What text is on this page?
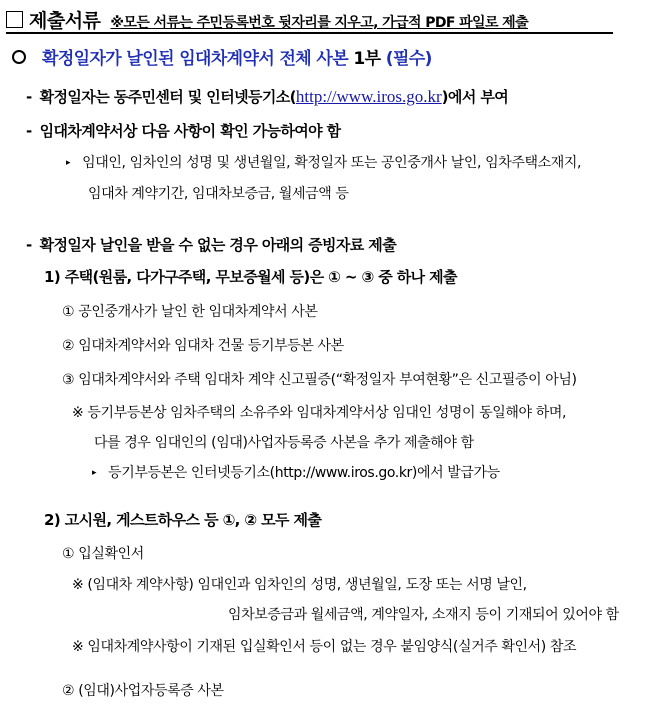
제출서류 ※모든 서류는 주민등록번호 뒷자리를 지우고, 가급적 PDF 파일로 제출
확정일자가 날인된 임대차계약서 전체 사본 1부 (필수)
- 확정일자는 동주민센터 및 인터넷등기소(http://www.iros.go.kr)에서 부여
- 임대차계약서상 다음 사항이 확인 가능하여야 함
▸ 임대인, 임차인의 성명 및 생년월일, 확정일자 또는 공인중개사 날인, 임차주택소재지,
임대차 계약기간, 임대차보증금, 월세금액 등
- 확정일자 날인을 받을 수 없는 경우 아래의 증빙자료 제출
1) 주택(원룸, 다가구주택, 무보증월세 등)은 ① ~ ③ 중 하나 제출
① 공인중개사가 날인 한 임대차계약서 사본
② 임대차계약서와 임대차 건물 등기부등본 사본
③ 임대차계약서와 주택 임대차 계약 신고필증(“확정일자 부여현황”은 신고필증이 아님)
※ 등기부등본상 임차주택의 소유주와 임대차계약서상 임대인 성명이 동일해야 하며,
다를 경우 임대인의 (임대)사업자등록증 사본을 추가 제출해야 함
▸ 등기부등본은 인터넷등기소(http://www.iros.go.kr)에서 발급가능
2) 고시원, 게스트하우스 등 ①, ② 모두 제출
① 입실확인서
※ (임대차 계약사항) 임대인과 임차인의 성명, 생년월일, 도장 또는 서명 날인,
임차보증금과 월세금액, 계약일자, 소재지 등이 기재되어 있어야 함
※ 임대차계약사항이 기재된 입실확인서 등이 없는 경우 붙임양식(실거주 확인서) 참조
② (임대)사업자등록증 사본
